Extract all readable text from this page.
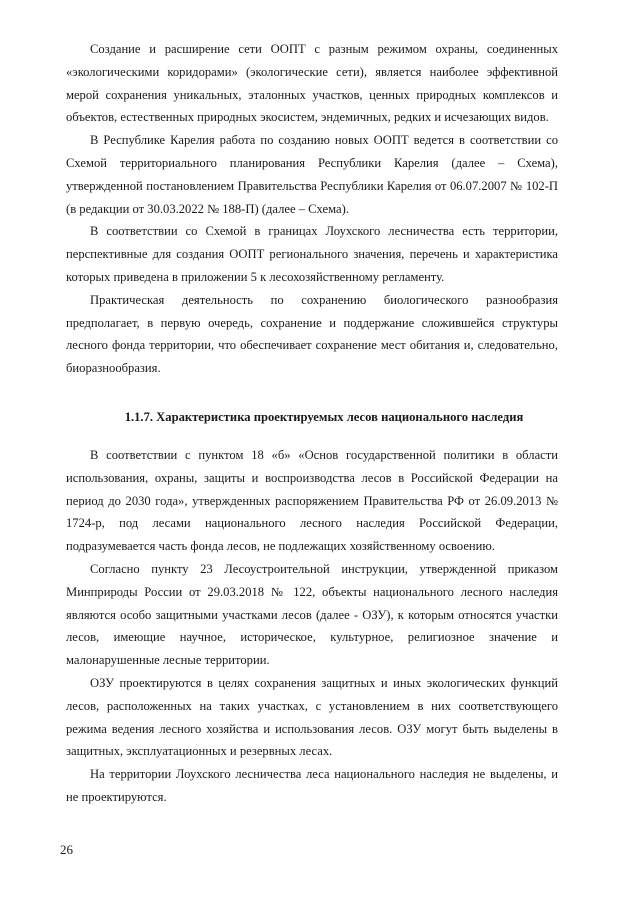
Создание и расширение сети ООПТ с разным режимом охраны, соединенных «экологическими коридорами» (экологические сети), является наиболее эффективной мерой сохранения уникальных, эталонных участков, ценных природных комплексов и объектов, естественных природных экосистем, эндемичных, редких и исчезающих видов.

В Республике Карелия работа по созданию новых ООПТ ведется в соответствии со Схемой территориального планирования Республики Карелия (далее – Схема), утвержденной постановлением Правительства Республики Карелия от 06.07.2007 № 102-П (в редакции от 30.03.2022 № 188-П) (далее – Схема).

В соответствии со Схемой в границах Лоухского лесничества есть территории, перспективные для создания ООПТ регионального значения, перечень и характеристика которых приведена в приложении 5 к лесохозяйственному регламенту.

Практическая деятельность по сохранению биологического разнообразия предполагает, в первую очередь, сохранение и поддержание сложившейся структуры лесного фонда территории, что обеспечивает сохранение мест обитания и, следовательно, биоразнообразия.

1.1.7. Характеристика проектируемых лесов национального наследия

В соответствии с пунктом 18 «б» «Основ государственной политики в области использования, охраны, защиты и воспроизводства лесов в Российской Федерации на период до 2030 года», утвержденных распоряжением Правительства РФ от 26.09.2013 № 1724-р, под лесами национального лесного наследия Российской Федерации, подразумевается часть фонда лесов, не подлежащих хозяйственному освоению.

Согласно пункту 23 Лесоустроительной инструкции, утвержденной приказом Минприроды России от 29.03.2018 № 122, объекты национального лесного наследия являются особо защитными участками лесов (далее - ОЗУ), к которым относятся участки лесов, имеющие научное, историческое, культурное, религиозное значение и малонарушенные лесные территории.

ОЗУ проектируются в целях сохранения защитных и иных экологических функций лесов, расположенных на таких участках, с установлением в них соответствующего режима ведения лесного хозяйства и использования лесов. ОЗУ могут быть выделены в защитных, эксплуатационных и резервных лесах.

На территории Лоухского лесничества леса национального наследия не выделены, и не проектируются.

26
